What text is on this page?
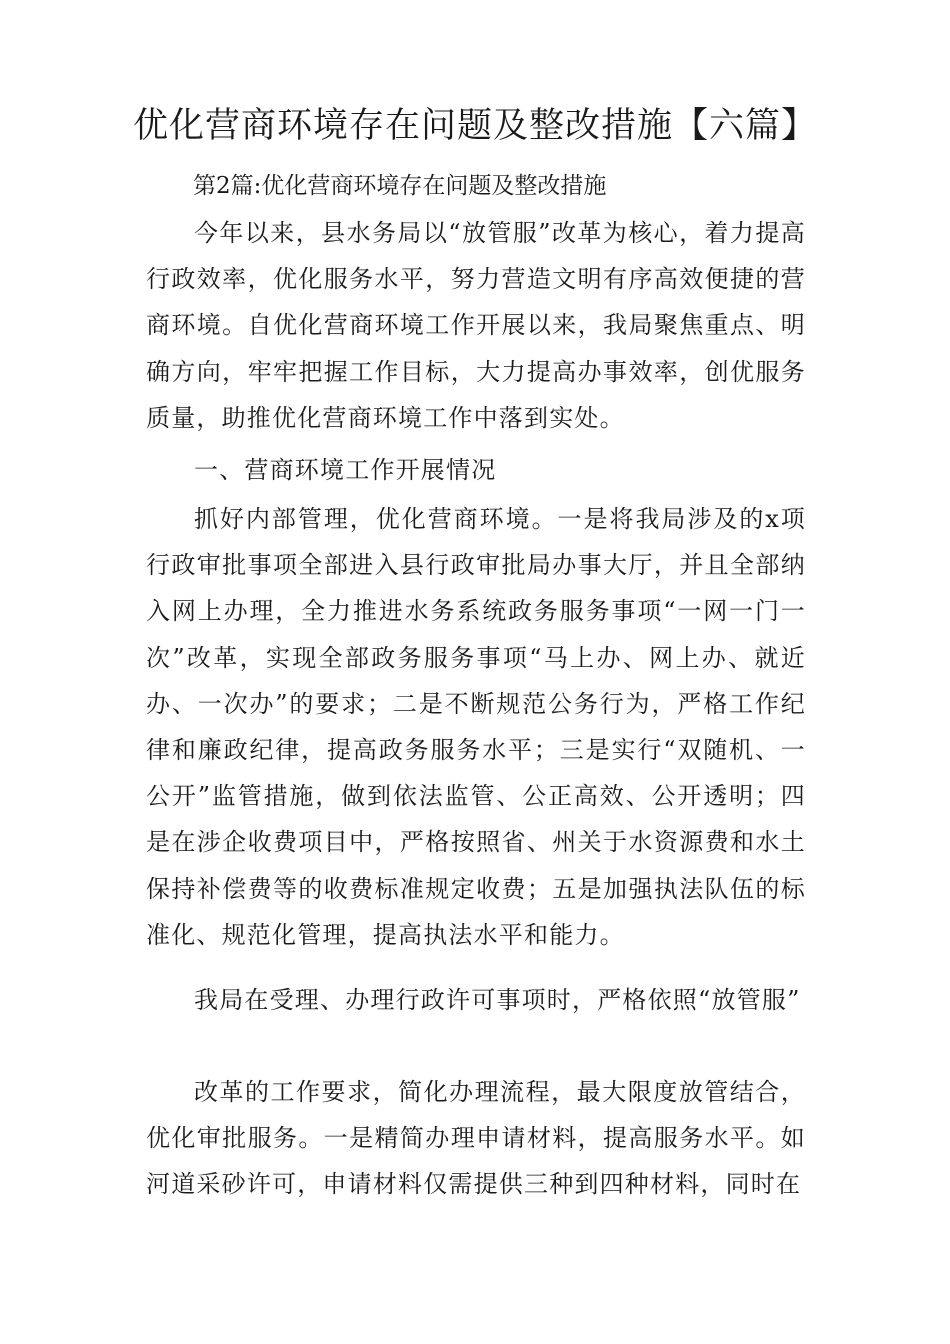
优化营商环境存在问题及整改措施【六篇】

第2篇:优化营商环境存在问题及整改措施

今年以来，县水务局以“放管服”改革为核心，着力提高行政效率，优化服务水平，努力营造文明有序高效便捷的营商环境。自优化营商环境工作开展以来，我局聚焦重点、明确方向，牢牢把握工作目标，大力提高办事效率，创优服务质量，助推优化营商环境工作中落到实处。

一、营商环境工作开展情况

抓好内部管理，优化营商环境。一是将我局涉及的x项行政审批事项全部进入县行政审批局办事大厅，并且全部纳入网上办理，全力推进水务系统政务服务事项“一网一门一次”改革，实现全部政务服务事项“马上办、网上办、就近办、一次办”的要求；二是不断规范公务行为，严格工作纪律和廉政纪律，提高政务服务水平；三是实行“双随机、一公开”监管措施，做到依法监管、公正高效、公开透明；四是在涉企收费项目中，严格按照省、州关于水资源费和水土保持补偿费等的收费标准规定收费；五是加强执法队伍的标准化、规范化管理，提高执法水平和能力。

我局在受理、办理行政许可事项时，严格依照“放管服”

改革的工作要求，简化办理流程，最大限度放管结合，优化审批服务。一是精简办理申请材料，提高服务水平。如河道采砂许可，申请材料仅需提供三种到四种材料，同时在
